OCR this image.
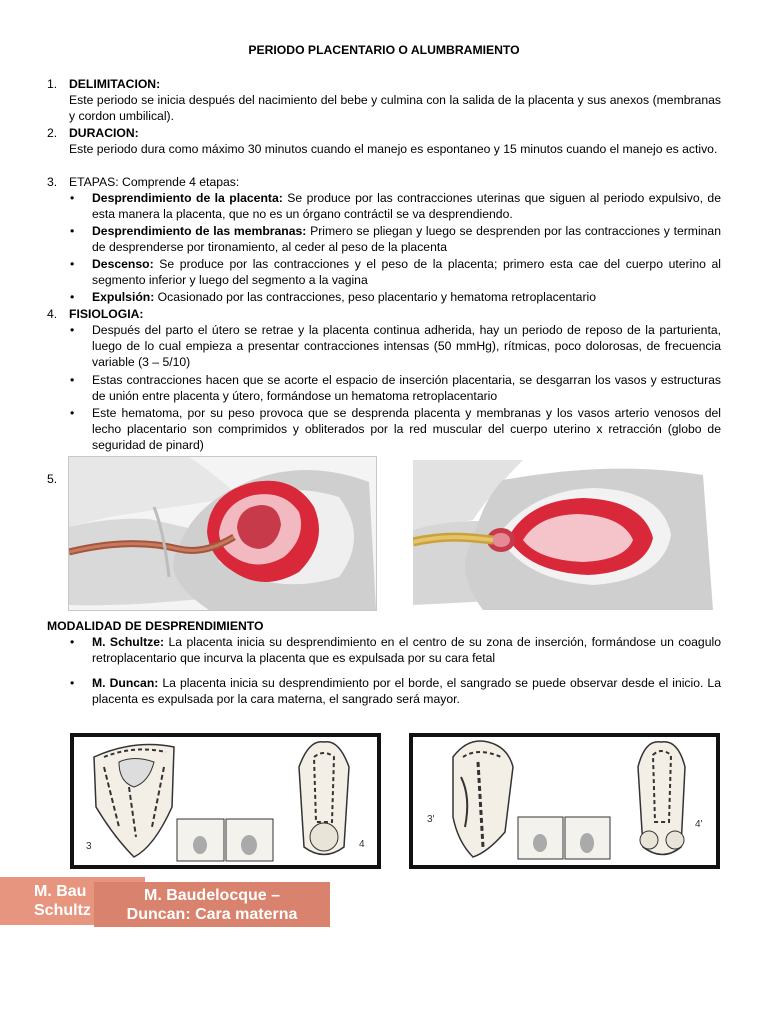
PERIODO PLACENTARIO O ALUMBRAMIENTO
1. DELIMITACION:
Este periodo se inicia después del nacimiento del bebe y culmina con la salida de la placenta y sus anexos (membranas y cordon umbilical).
2. DURACION:
Este periodo dura como máximo 30 minutos cuando el manejo es espontaneo y 15 minutos cuando el manejo es activo.
3. ETAPAS: Comprende 4 etapas:
• Desprendimiento de la placenta: Se produce por las contracciones uterinas que siguen al periodo expulsivo, de esta manera la placenta, que no es un órgano contráctil se va desprendiendo.
• Desprendimiento de las membranas: Primero se pliegan y luego se desprenden por las contracciones y terminan de desprenderse por tironamiento, al ceder al peso de la placenta
• Descenso: Se produce por las contracciones y el peso de la placenta; primero esta cae del cuerpo uterino al segmento inferior y luego del segmento a la vagina
• Expulsión: Ocasionado por las contracciones, peso placentario y hematoma retroplacentario
4. FISIOLOGIA:
• Después del parto el útero se retrae y la placenta continua adherida, hay un periodo de reposo de la parturienta, luego de lo cual empieza a presentar contracciones intensas (50 mmHg), rítmicas, poco dolorosas, de frecuencia variable (3 – 5/10)
• Estas contracciones hacen que se acorte el espacio de inserción placentaria, se desgarran los vasos y estructuras de unión entre placenta y útero, formándose un hematoma retroplacentario
• Este hematoma, por su peso provoca que se desprenda placenta y membranas y los vasos arterio venosos del lecho placentario son comprimidos y obliterados por la red muscular del cuerpo uterino x retracción (globo de seguridad de pinard)
5.
MODALIDAD DE DESPRENDIMIENTO
• M. Schultze: La placenta inicia su desprendimiento en el centro de su zona de inserción, formándose un coagulo retroplacentario que incurva la placenta que es expulsada por su cara fetal
• M. Duncan: La placenta inicia su desprendimiento por el borde, el sangrado se puede observar desde el inicio. La placenta es expulsada por la cara materna, el sangrado será mayor.
3	4
3'	4'
M. Bau
Schultz
M. Baudelocque –
Duncan: Cara materna
